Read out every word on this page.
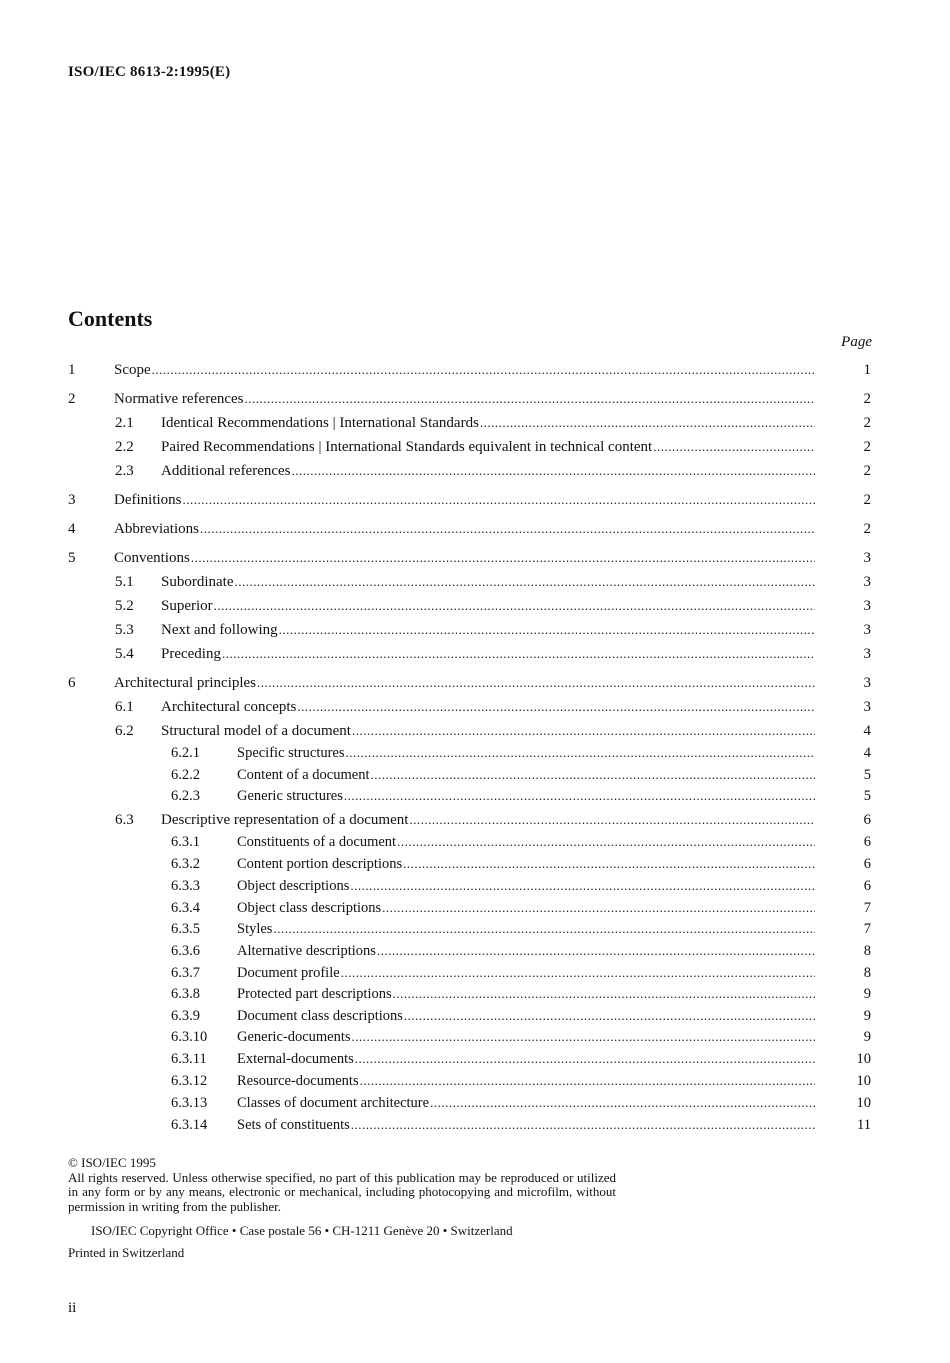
ISO/IEC 8613-2:1995(E)
Contents
Page
1	Scope .....	1
2	Normative references .....	2
2.1 Identical Recommendations | International Standards .....	2
2.2 Paired Recommendations | International Standards equivalent in technical content .....	2
2.3 Additional references .....	2
3	Definitions .....	2
4	Abbreviations .....	2
5	Conventions .....	3
5.1 Subordinate .....	3
5.2 Superior .....	3
5.3 Next and following .....	3
5.4 Preceding .....	3
6	Architectural principles .....	3
6.1 Architectural concepts .....	3
6.2 Structural model of a document .....	4
6.2.1	Specific structures .....	4
6.2.2	Content of a document .....	5
6.2.3	Generic structures .....	5
6.3 Descriptive representation of a document .....	6
6.3.1	Constituents of a document .....	6
6.3.2	Content portion descriptions .....	6
6.3.3	Object descriptions .....	6
6.3.4	Object class descriptions .....	7
6.3.5	Styles .....	7
6.3.6	Alternative descriptions .....	8
6.3.7	Document profile .....	8
6.3.8	Protected part descriptions .....	9
6.3.9	Document class descriptions .....	9
6.3.10 Generic-documents .....	9
6.3.11 External-documents .....	10
6.3.12 Resource-documents .....	10
6.3.13 Classes of document architecture .....	10
6.3.14 Sets of constituents .....	11
© ISO/IEC 1995
All rights reserved. Unless otherwise specified, no part of this publication may be reproduced or utilized in any form or by any means, electronic or mechanical, including photocopying and microfilm, without permission in writing from the publisher.
ISO/IEC Copyright Office • Case postale 56 • CH-1211 Genève 20 • Switzerland
Printed in Switzerland
ii
